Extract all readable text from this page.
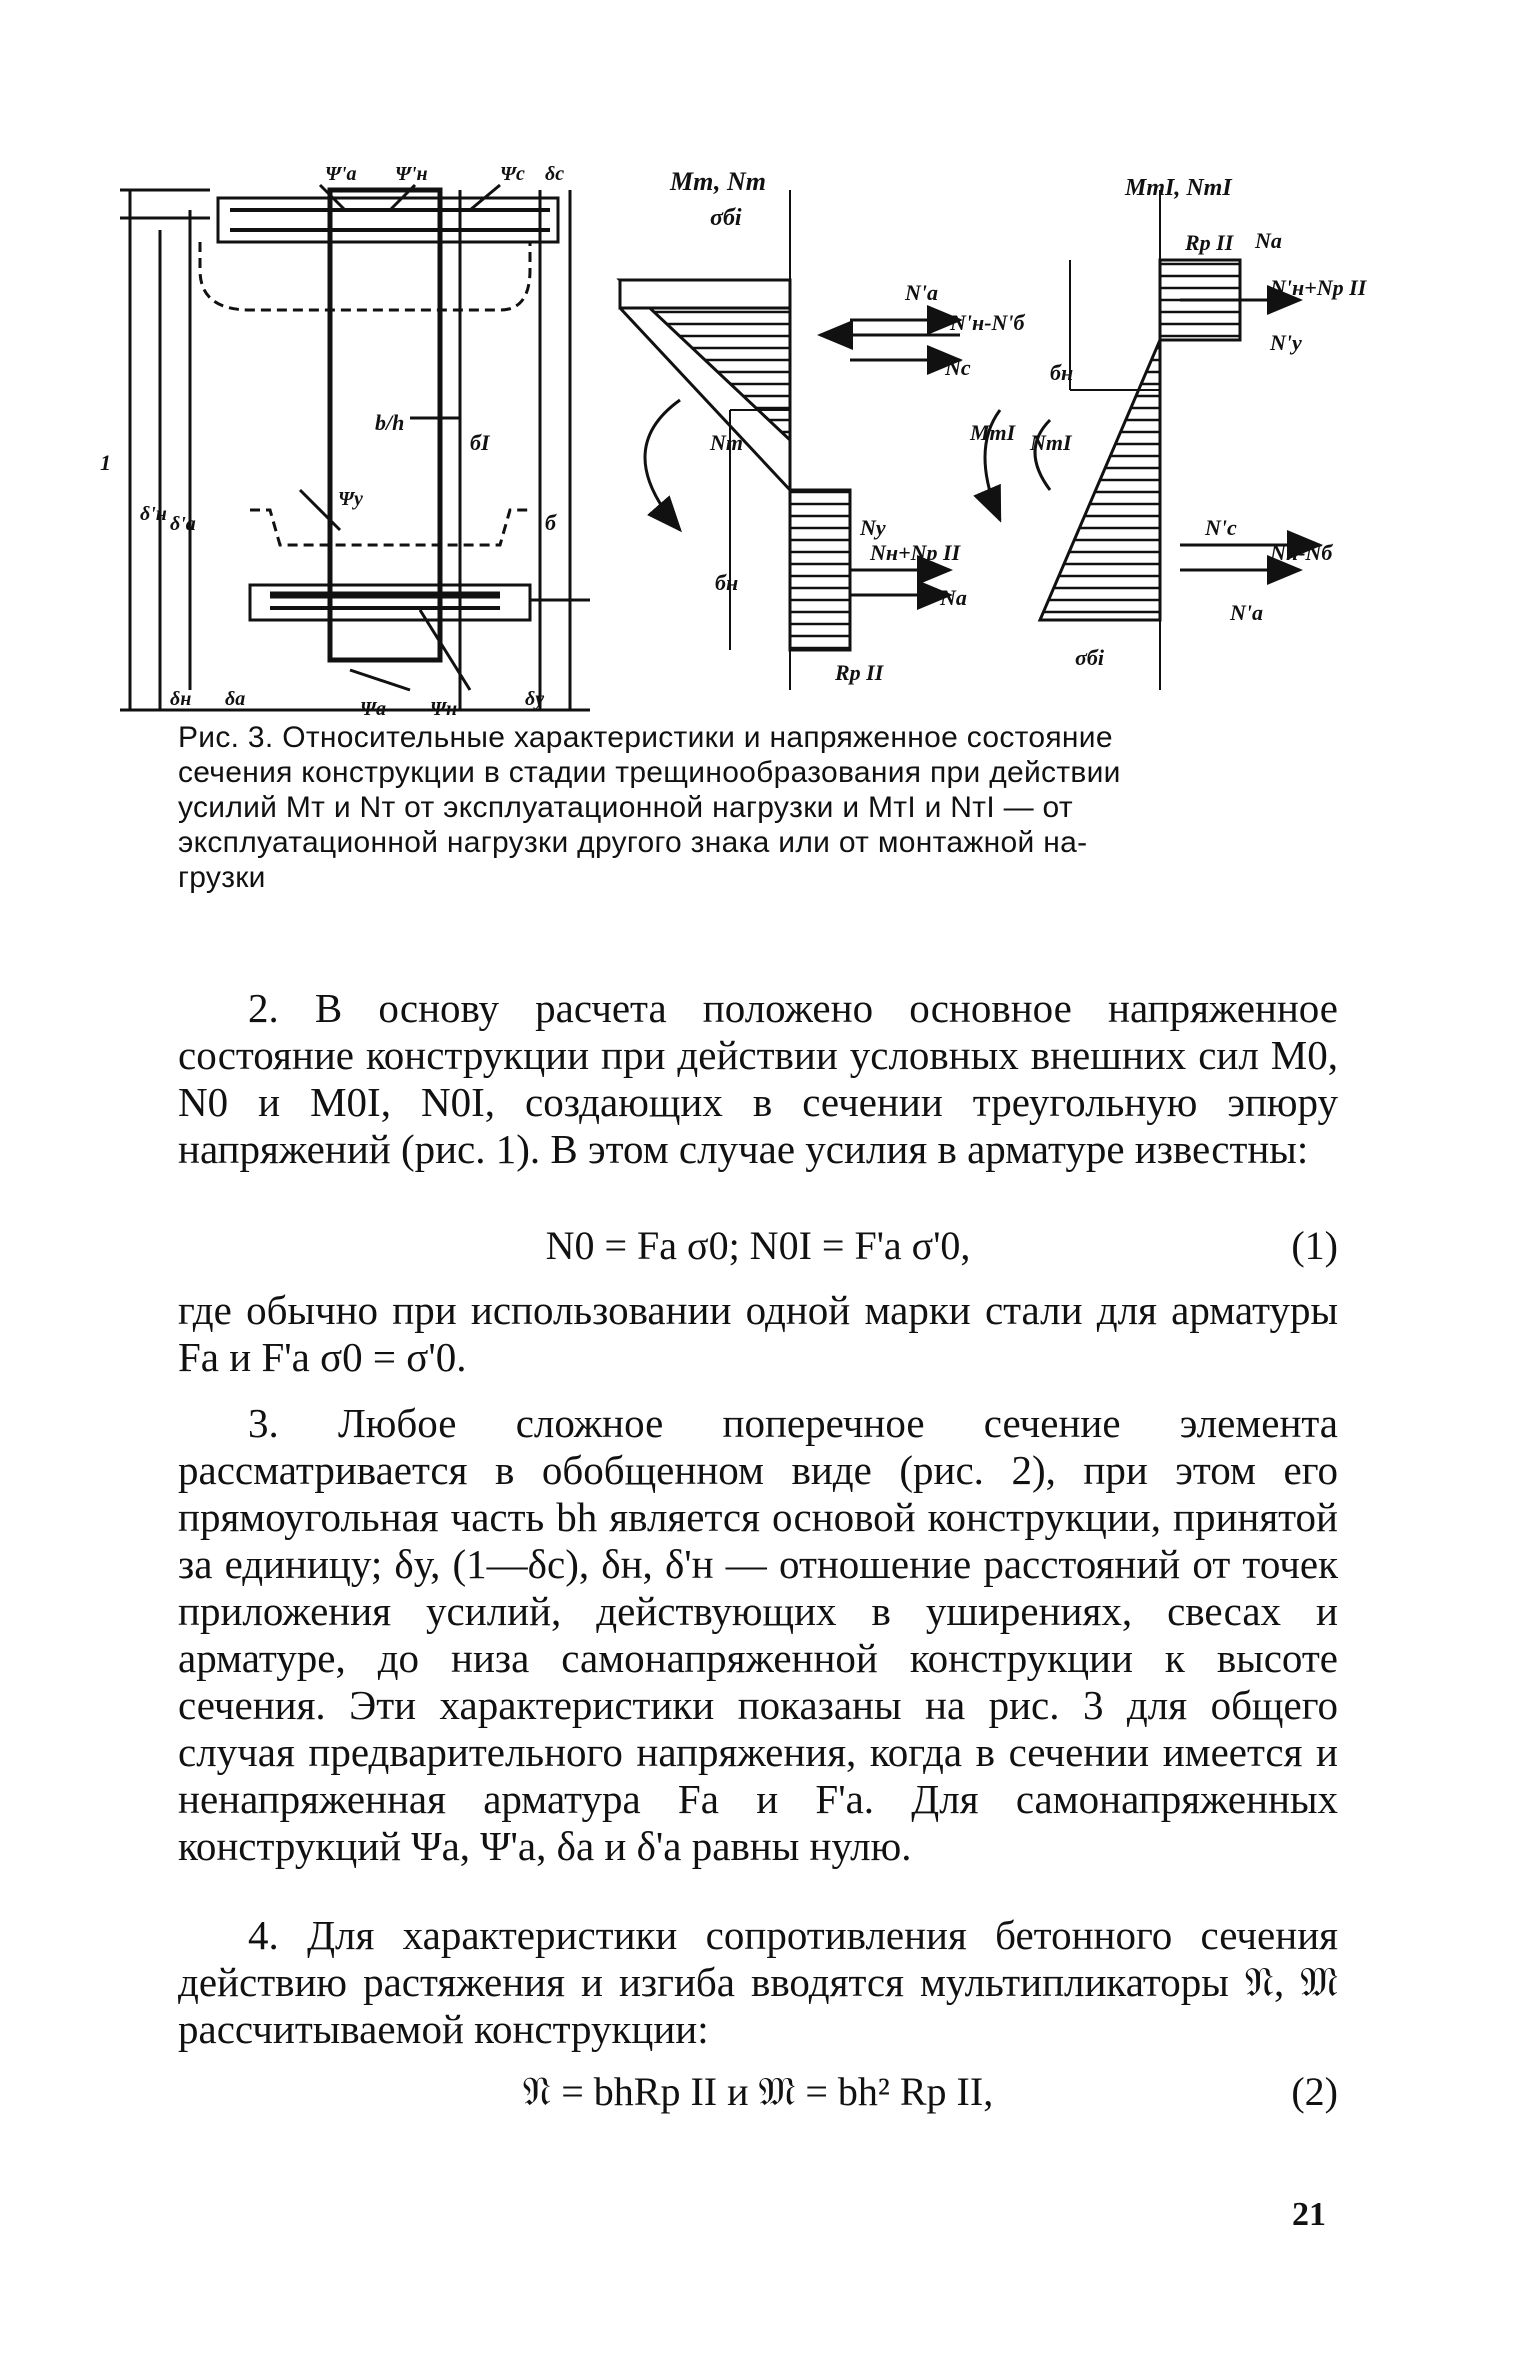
Мт, Nт
σбi
МтI, NтI
Rр II Nа
N'н+Nр II
N'у
N'а
N'н-N'б
Nс
Nт	МтI NтI
бн
бн
Nу
Nн+Nр II
Nа
Rр II
N'с
Nн-Nб
N'а
σбi
Ψ'а Ψ'н	Ψс δс
b/h
бI
б
Ψу
Ψа Ψн	δу
δн δа
δ'н δ'а
1
Рис. 3. Относительные характеристики и напряженное состояние
сечения конструкции в стадии трещинообразования при действии
усилий Mт и Nт от эксплуатационной нагрузки и MтI и NтI — от
эксплуатационной нагрузки другого знака или от монтажной на-
грузки

2. В основу расчета положено основное напряженное состояние конструкции при действии условных внешних сил M0, N0 и M0I, N0I, создающих в сечении треугольную эпюру напряжений (рис. 1). В этом случае усилия в арматуре известны:

N0 = Fа σ0; N0I = F'а σ'0,	(1)

где обычно при использовании одной марки стали для арматуры Fа и F'а σ0 = σ'0.

3. Любое сложное поперечное сечение элемента рассматривается в обобщенном виде (рис. 2), при этом его прямоугольная часть bh является основой конструкции, принятой за единицу; δу, (1—δс), δн, δ'н — отношение расстояний от точек приложения усилий, действующих в уширениях, свесах и арматуре, до низа самонапряженной конструкции к высоте сечения. Эти характеристики показаны на рис. 3 для общего случая предварительного напряжения, когда в сечении имеется и ненапряженная арматура Fа и F'а. Для самонапряженных конструкций Ψа, Ψ'а, δа и δ'а равны нулю.

4. Для характеристики сопротивления бетонного сечения действию растяжения и изгиба вводятся мультипликаторы 𝔑, 𝔐 рассчитываемой конструкции:

𝔑 = bhRр II и 𝔐 = bh² Rр II,	(2)
21
